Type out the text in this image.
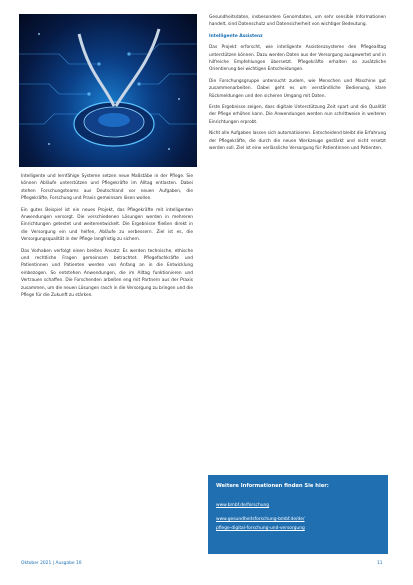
Intelligente und lernfähige Systeme setzen neue Maßstäbe in der Pflege. Sie können Abläufe unterstützen und Pflegekräfte im Alltag entlasten. Dabei stehen Forschungsteams aus Deutschland vor neuen Aufgaben, die Pflegekräfte, Forschung und Praxis gemeinsam lösen wollen.

Ein gutes Beispiel ist ein neues Projekt, das Pflegekräfte mit intelligenten Anwendungen versorgt. Die verschiedenen Lösungen werden in mehreren Einrichtungen getestet und weiterentwickelt. Die Ergebnisse fließen direkt in die Versorgung ein und helfen, Abläufe zu verbessern. Ziel ist es, die Versorgungsqualität in der Pflege langfristig zu sichern.

Das Vorhaben verfolgt einen breiten Ansatz: Es werden technische, ethische und rechtliche Fragen gemeinsam betrachtet. Pflegefachkräfte und Patientinnen und Patienten werden von Anfang an in die Entwicklung einbezogen. So entstehen Anwendungen, die im Alltag funktionieren und Vertrauen schaffen. Die Forschenden arbeiten eng mit Partnern aus der Praxis zusammen, um die neuen Lösungen rasch in die Versorgung zu bringen und die Pflege für die Zukunft zu stärken.

Gesundheitsdaten, insbesondere Genomdaten, um sehr sensible Informationen handelt, sind Datenschutz und Datensicherheit von wichtiger Bedeutung.

Intelligente Assistenz

Das Projekt erforscht, wie intelligente Assistenzsysteme den Pflegealltag unterstützen können. Dazu werden Daten aus der Versorgung ausgewertet und in hilfreiche Empfehlungen übersetzt. Pflegekräfte erhalten so zusätzliche Orientierung bei wichtigen Entscheidungen.

Die Forschungsgruppe untersucht zudem, wie Menschen und Maschine gut zusammenarbeiten. Dabei geht es um verständliche Bedienung, klare Rückmeldungen und den sicheren Umgang mit Daten.

Erste Ergebnisse zeigen, dass digitale Unterstützung Zeit spart und die Qualität der Pflege erhöhen kann. Die Anwendungen werden nun schrittweise in weiteren Einrichtungen erprobt.

Nicht alle Aufgaben lassen sich automatisieren. Entscheidend bleibt die Erfahrung der Pflegekräfte, die durch die neuen Werkzeuge gestärkt und nicht ersetzt werden soll. Ziel ist eine verlässliche Versorgung für Patientinnen und Patienten.

Weitere Informationen finden Sie hier:
www.bmbf.de/forschung
www.gesundheitsforschung-bmbf.de/de/
pflege-digital-forschung-und-versorgung
Oktober 2021 | Ausgabe 10	11
